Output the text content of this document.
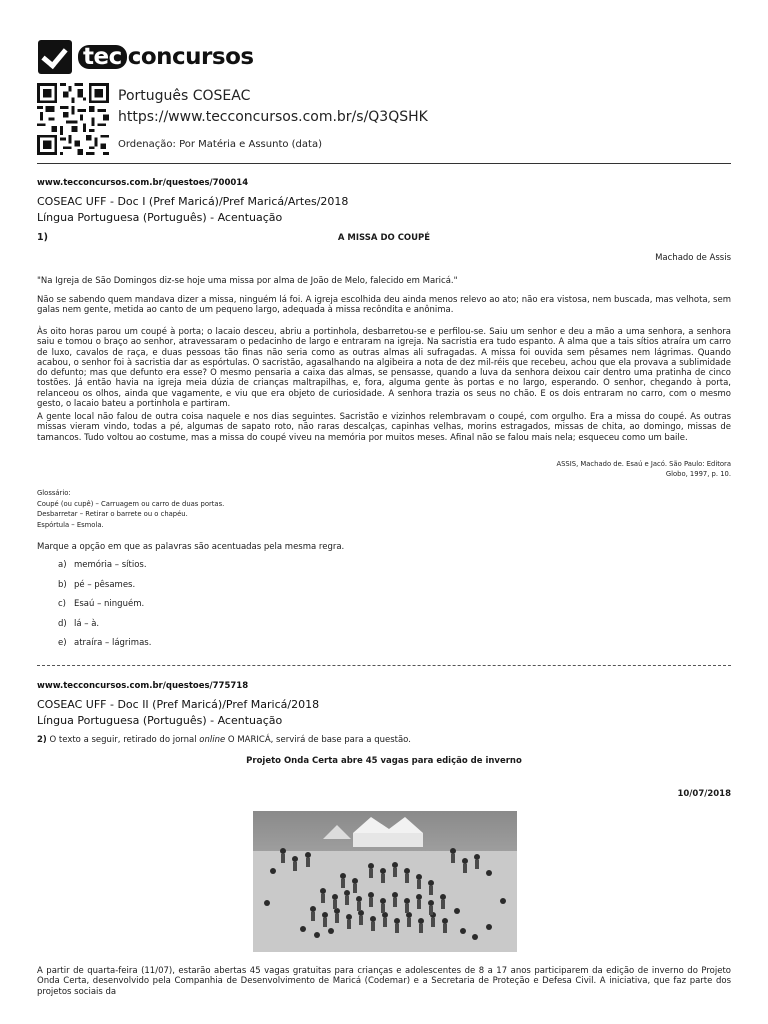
tec concursos
Português COSEAC
https://www.tecconcursos.com.br/s/Q3QSHK
Ordenação: Por Matéria e Assunto (data)
www.tecconcursos.com.br/questoes/700014
COSEAC UFF - Doc I (Pref Maricá)/Pref Maricá/Artes/2018
Língua Portuguesa (Português) - Acentuação
1)	A MISSA DO COUPÉ
Machado de Assis
"Na Igreja de São Domingos diz-se hoje uma missa por alma de João de Melo, falecido em Maricá."
Não se sabendo quem mandava dizer a missa, ninguém lá foi. A igreja escolhida deu ainda menos relevo ao ato; não era vistosa, nem buscada, mas velhota, sem galas nem gente, metida ao canto de um pequeno largo, adequada à missa recôndita e anônima.
Às oito horas parou um coupé à porta; o lacaio desceu, abriu a portinhola, desbarretou-se e perfilou-se. Saiu um senhor e deu a mão a uma senhora, a senhora saiu e tomou o braço ao senhor, atravessaram o pedacinho de largo e entraram na igreja. Na sacristia era tudo espanto. A alma que a tais sítios atraíra um carro de luxo, cavalos de raça, e duas pessoas tão finas não seria como as outras almas ali sufragadas. A missa foi ouvida sem pêsames nem lágrimas. Quando acabou, o senhor foi à sacristia dar as espórtulas. O sacristão, agasalhando na algibeira a nota de dez mil-réis que recebeu, achou que ela provava a sublimidade do defunto; mas que defunto era esse? O mesmo pensaria a caixa das almas, se pensasse, quando a luva da senhora deixou cair dentro uma pratinha de cinco tostões. Já então havia na igreja meia dúzia de crianças maltrapilhas, e, fora, alguma gente às portas e no largo, esperando. O senhor, chegando à porta, relanceou os olhos, ainda que vagamente, e viu que era objeto de curiosidade. A senhora trazia os seus no chão. E os dois entraram no carro, com o mesmo gesto, o lacaio bateu a portinhola e partiram.
A gente local não falou de outra coisa naquele e nos dias seguintes. Sacristão e vizinhos relembravam o coupé, com orgulho. Era a missa do coupé. As outras missas vieram vindo, todas a pé, algumas de sapato roto, não raras descalças, capinhas velhas, morins estragados, missas de chita, ao domingo, missas de tamancos. Tudo voltou ao costume, mas a missa do coupé viveu na memória por muitos meses. Afinal não se falou mais nela; esqueceu como um baile.
ASSIS, Machado de. Esaú e Jacó. São Paulo: Editora
Globo, 1997, p. 10.
Glossário:
Coupé (ou cupê) – Carruagem ou carro de duas portas.
Desbarretar – Retirar o barrete ou o chapéu.
Espórtula – Esmola.
Marque a opção em que as palavras são acentuadas pela mesma regra.
a) memória – sítios.
b) pé – pêsames.
c) Esaú – ninguém.
d) lá – à.
e) atraíra – lágrimas.
www.tecconcursos.com.br/questoes/775718
COSEAC UFF - Doc II (Pref Maricá)/Pref Maricá/2018
Língua Portuguesa (Português) - Acentuação
2) O texto a seguir, retirado do jornal online O MARICÁ, servirá de base para a questão.
Projeto Onda Certa abre 45 vagas para edição de inverno
10/07/2018
A partir de quarta-feira (11/07), estarão abertas 45 vagas gratuitas para crianças e adolescentes de 8 a 17 anos participarem da edição de inverno do Projeto Onda Certa, desenvolvido pela Companhia de Desenvolvimento de Maricá (Codemar) e a Secretaria de Proteção e Defesa Civil. A iniciativa, que faz parte dos projetos sociais da
